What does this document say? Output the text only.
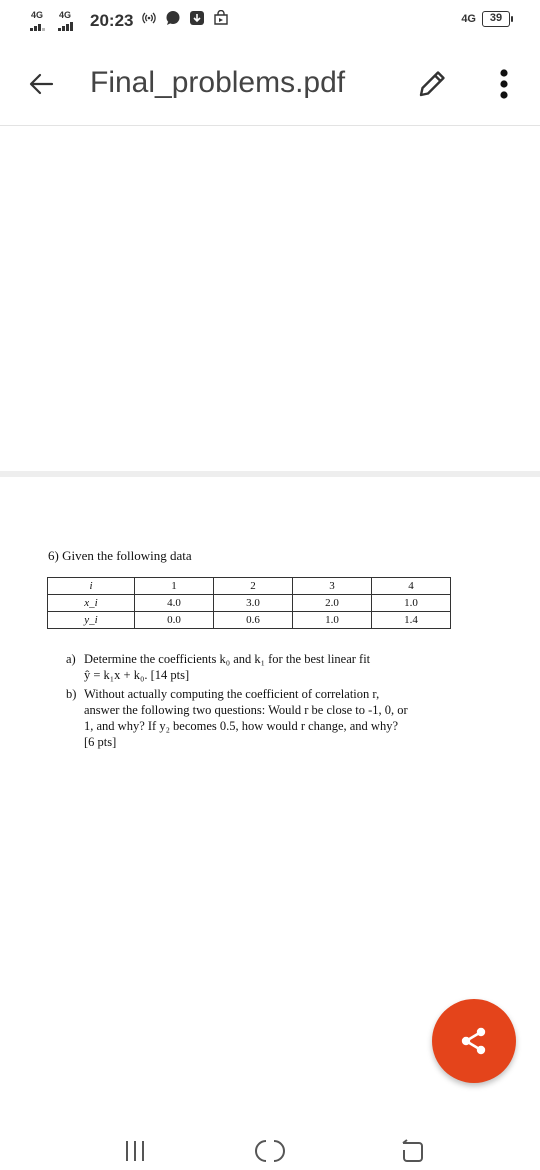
4G 4G 20:23	4G	39
Final_problems.pdf
6) Given the following data
i	1	2	3	4
x_i	4.0	3.0	2.0	1.0
y_i	0.0	0.6	1.0	1.4
a) Determine the coefficients k₀ and k₁ for the best linear fit
ŷ = k₁x + k₀. [14 pts]
b) Without actually computing the coefficient of correlation r,
answer the following two questions: Would r be close to -1, 0, or
1, and why? If y₂ becomes 0.5, how would r change, and why?
[6 pts]
